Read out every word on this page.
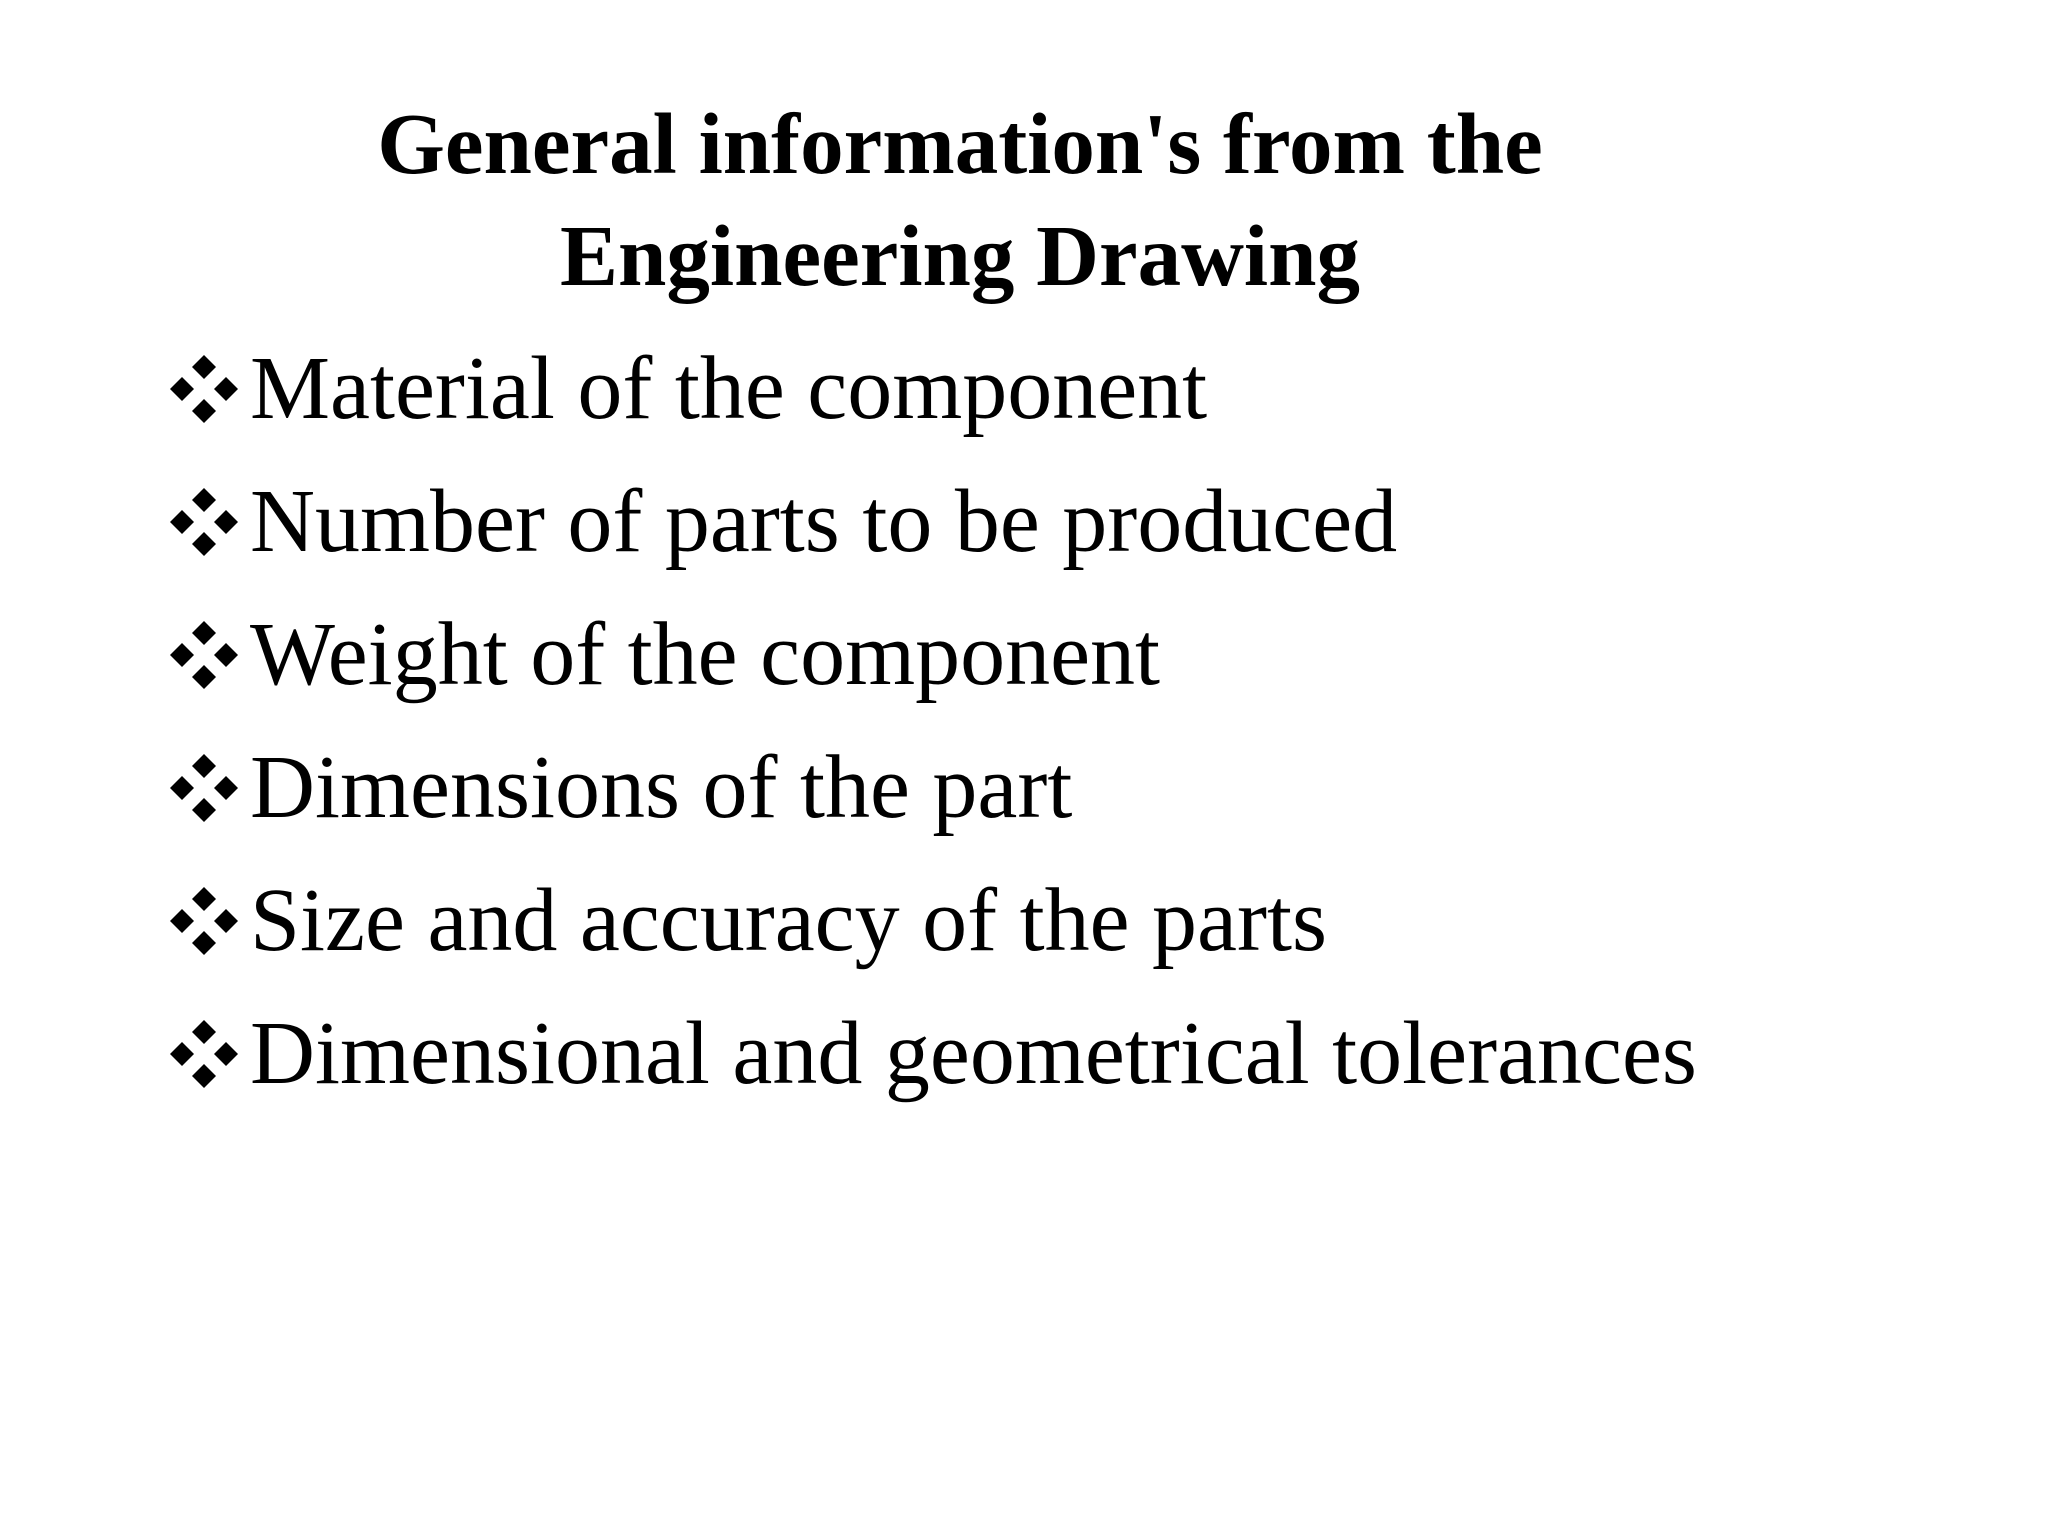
General information's from the
Engineering Drawing
Material of the component
Number of parts to be produced
Weight of the component
Dimensions of the part
Size and accuracy of the parts
Dimensional and geometrical tolerances
